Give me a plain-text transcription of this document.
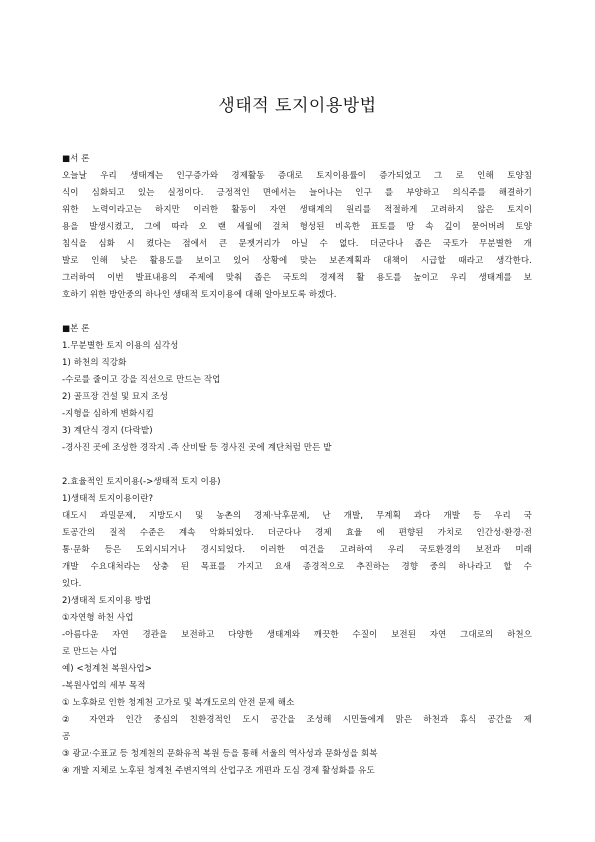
생태적 토지이용방법

■서 론

오늘날 우리 생태계는 인구증가와 경제활동 증대로 토지이용률이 증가되었고 그 로 인해 토양침

식이 심화되고 있는 실정이다. 긍정적인 면에서는 늘어나는 인구 를 부양하고 의식주를 해결하기

위한 노력이라고는 하지만 이러한 활동이 자연 생태계의 원리를 적절하게 고려하지 않은 토지이

용을 발생시켰고, 그에 따라 오 랜 세월에 걸쳐 형성된 비옥한 표토를 땅 속 깊이 묻어버려 토양

침식을 심화 시 켰다는 점에서 큰 문젯거리가 아닐 수 없다. 더군다나 좁은 국토가 무분별한 개

발로 인해 낮은 활용도를 보이고 있어 상황에 맞는 보존계획과 대책이 시급할 때라고 생각한다.

그러하여 이번 발표내용의 주제에 맞춰 좁은 국토의 경제적 활 용도를 높이고 우리 생태계를 보

호하기 위한 방안중의 하나인 생태적 토지이용에 대해 알아보도록 하겠다.

■본 론

1.무분별한 토지 이용의 심각성

1) 하천의 직강화

-수로를 줄이고 강을 직선으로 만드는 작업

2) 골프장 건설 및 묘지 조성

-지형을 심하게 변화시킴

3) 계단식 경지 (다락밭)

-경사진 곳에 조성한 경작지 .즉 산비탈 등 경사진 곳에 계단처럼 만든 밭

2.효율적인 토지이용(->생태적 토지 이용)

1)생태적 토지이용이란?

대도시 과밀문제, 지방도시 및 농촌의 경제·낙후문제, 난 개발, 무계획 과다 개발 등 우리 국

토공간의 질적 수준은 계속 악화되었다. 더군다나 경제 효율 에 편향된 가치로 인간성·환경·전

통·문화 등은 도외시되거나 경시되었다. 이러한 여건을 고려하여 우리 국토환경의 보전과 미래

개발 수요대처라는 상충 된 목표를 가지고 요새 종경적으로 추진하는 경향 중의 하나라고 할 수

있다.

2)생태적 토지이용 방법

①자연형 하천 사업

-아름다운 자연 경관을 보전하고 다양한 생태계와 깨끗한 수질이 보전된 자연 그대로의 하천으

로 만드는 사업

예) <청계천 복원사업>

-복원사업의 세부 목적

① 노후화로 인한 청계천 고가로 및 복개도로의 안전 문제 해소

② 자연과 인간 중심의 친환경적인 도시 공간을 조성해 시민들에게 맑은 하천과 휴식 공간을 제

공

③ 광교·수표교 등 청계천의 문화유적 복원 등을 통해 서울의 역사성과 문화성을 회복

④ 개발 지체로 노후된 청계천 주변지역의 산업구조 개편과 도심 경제 활성화를 유도
